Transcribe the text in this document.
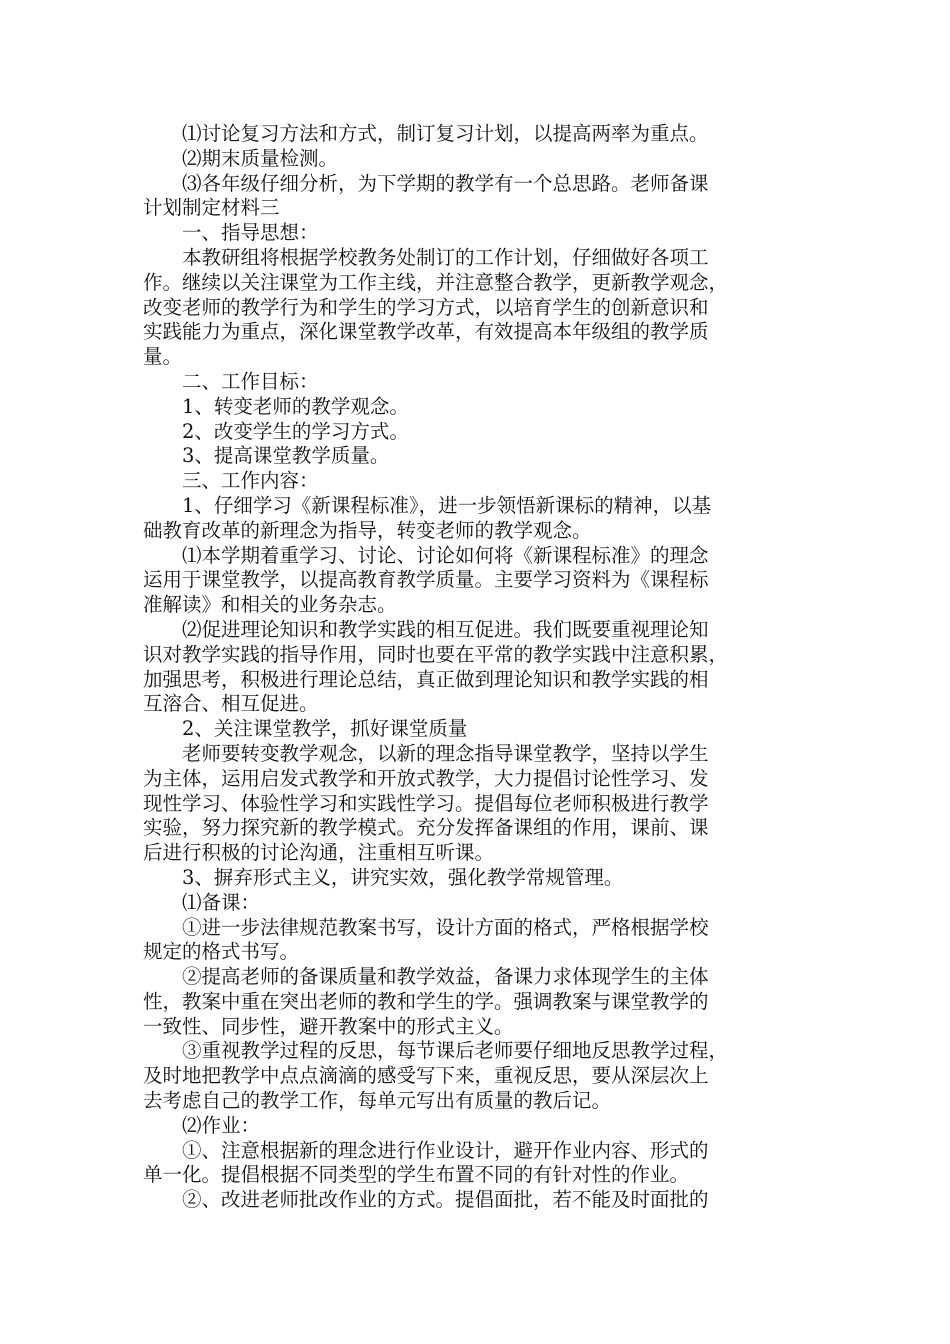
　　⑴讨论复习方法和方式，制订复习计划，以提高两率为重点。

　　⑵期末质量检测。

　　⑶各年级仔细分析，为下学期的教学有一个总思路。老师备课

计划制定材料三

　　一、指导思想：

　　本教研组将根据学校教务处制订的工作计划，仔细做好各项工

作。继续以关注课堂为工作主线，并注意整合教学，更新教学观念，

改变老师的教学行为和学生的学习方式，以培育学生的创新意识和

实践能力为重点，深化课堂教学改革，有效提高本年级组的教学质

量。

　　二、工作目标：

　　1、转变老师的教学观念。

　　2、改变学生的学习方式。

　　3、提高课堂教学质量。

　　三、工作内容：

　　1、仔细学习《新课程标准》，进一步领悟新课标的精神，以基

础教育改革的新理念为指导，转变老师的教学观念。

　　⑴本学期着重学习、讨论、讨论如何将《新课程标准》的理念

运用于课堂教学，以提高教育教学质量。主要学习资料为《课程标

准解读》和相关的业务杂志。

　　⑵促进理论知识和教学实践的相互促进。我们既要重视理论知

识对教学实践的指导作用，同时也要在平常的教学实践中注意积累，

加强思考，积极进行理论总结，真正做到理论知识和教学实践的相

互溶合、相互促进。

　　2、关注课堂教学，抓好课堂质量

　　老师要转变教学观念，以新的理念指导课堂教学，坚持以学生

为主体，运用启发式教学和开放式教学，大力提倡讨论性学习、发

现性学习、体验性学习和实践性学习。提倡每位老师积极进行教学

实验，努力探究新的教学模式。充分发挥备课组的作用，课前、课

后进行积极的讨论沟通，注重相互听课。

　　3、摒弃形式主义，讲究实效，强化教学常规管理。

　　⑴备课：

　　①进一步法律规范教案书写，设计方面的格式，严格根据学校

规定的格式书写。

　　②提高老师的备课质量和教学效益，备课力求体现学生的主体

性，教案中重在突出老师的教和学生的学。强调教案与课堂教学的

一致性、同步性，避开教案中的形式主义。

　　③重视教学过程的反思，每节课后老师要仔细地反思教学过程，

及时地把教学中点点滴滴的感受写下来，重视反思，要从深层次上

去考虑自己的教学工作，每单元写出有质量的教后记。

　　⑵作业：

　　①、注意根据新的理念进行作业设计，避开作业内容、形式的

单一化。提倡根据不同类型的学生布置不同的有针对性的作业。

　　②、改进老师批改作业的方式。提倡面批，若不能及时面批的
